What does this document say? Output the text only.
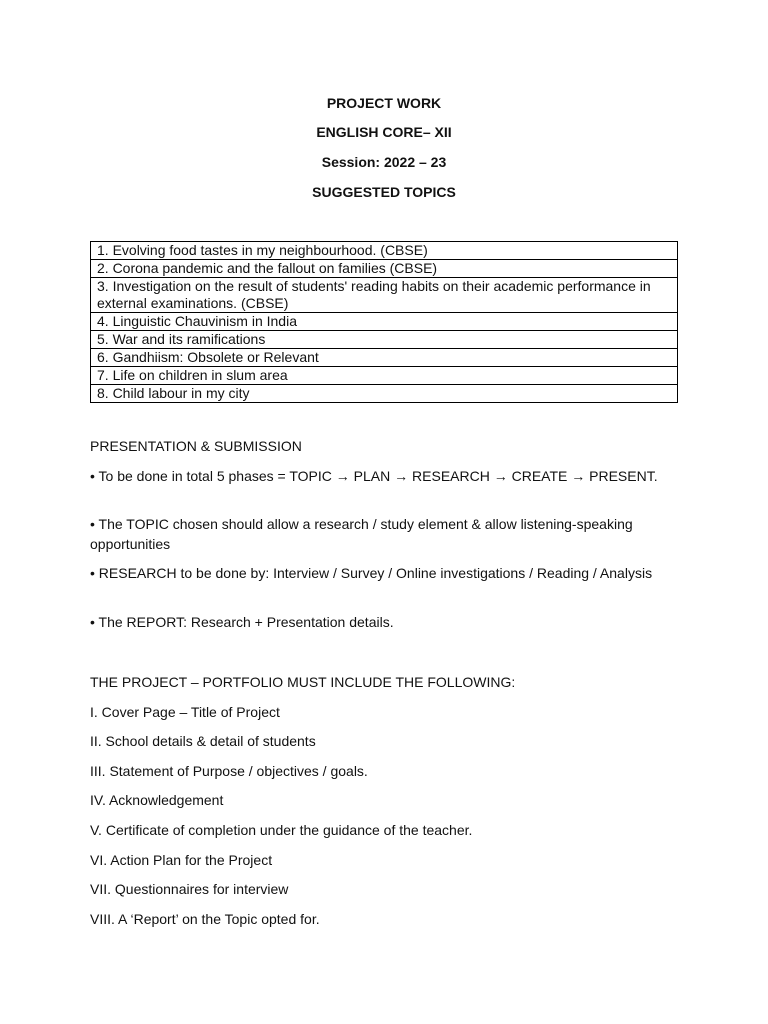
PROJECT WORK
ENGLISH CORE– XII
Session: 2022 – 23
SUGGESTED TOPICS
1. Evolving food tastes in my neighbourhood. (CBSE)
2. Corona pandemic and the fallout on families (CBSE)
3. Investigation on the result of students' reading habits on their academic performance in external examinations. (CBSE)
4. Linguistic Chauvinism in India
5. War and its ramifications
6. Gandhiism: Obsolete or Relevant
7. Life on children in slum area
8. Child labour in my city
PRESENTATION & SUBMISSION
• To be done in total 5 phases = TOPIC → PLAN → RESEARCH → CREATE → PRESENT.
• The TOPIC chosen should allow a research / study element & allow listening-speaking opportunities
• RESEARCH to be done by: Interview / Survey / Online investigations / Reading / Analysis
• The REPORT: Research + Presentation details.
THE PROJECT – PORTFOLIO MUST INCLUDE THE FOLLOWING:
I. Cover Page – Title of Project
II. School details & detail of students
III. Statement of Purpose / objectives / goals.
IV. Acknowledgement
V. Certificate of completion under the guidance of the teacher.
VI. Action Plan for the Project
VII. Questionnaires for interview
VIII. A ‘Report’ on the Topic opted for.
